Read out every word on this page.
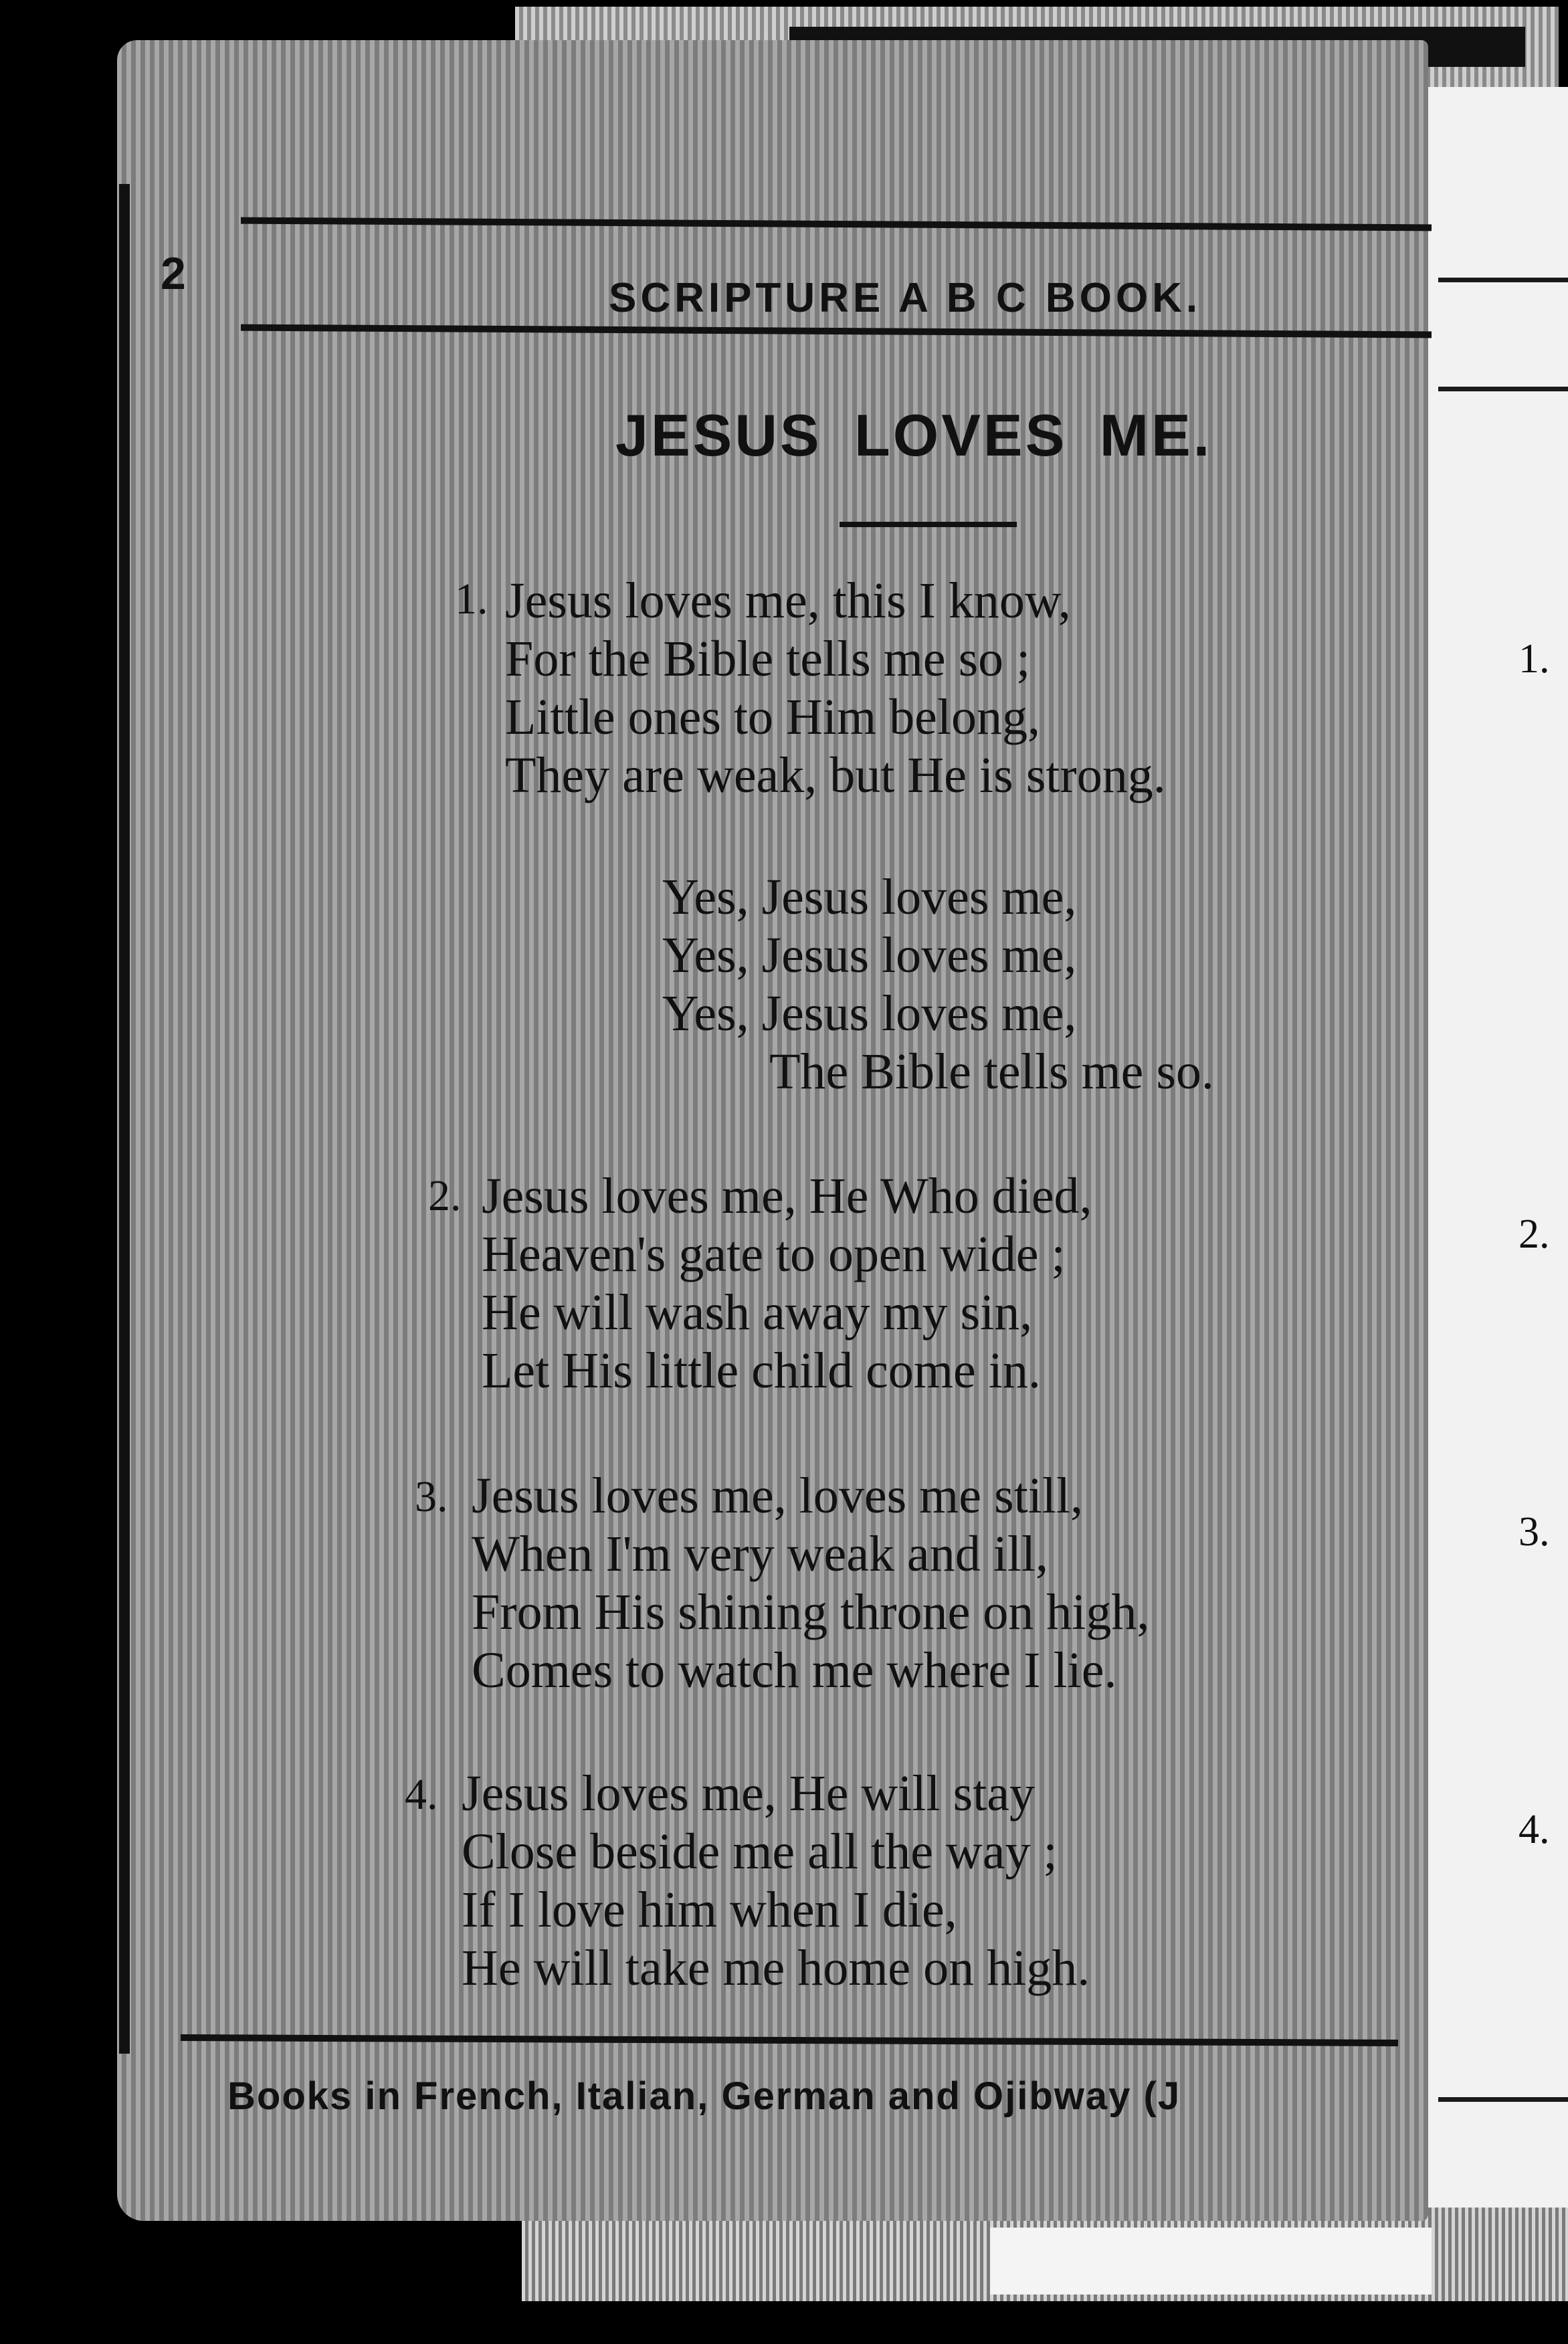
1.
2.
3.
4.
2	SCRIPTURE A B C BOOK.
JESUS LOVES ME.
1. Jesus loves me, this I know,
For the Bible tells me so ;
Little ones to Him belong,
They are weak, but He is strong.
Yes, Jesus loves me,
Yes, Jesus loves me,
Yes, Jesus loves me,
The Bible tells me so.
2. Jesus loves me, He Who died,
Heaven's gate to open wide ;
He will wash away my sin,
Let His little child come in.
3. Jesus loves me, loves me still,
When I'm very weak and ill,
From His shining throne on high,
Comes to watch me where I lie.
4. Jesus loves me, He will stay
Close beside me all the way ;
If I love him when I die,
He will take me home on high.
Books in French, Italian, German and Ojibway (J
